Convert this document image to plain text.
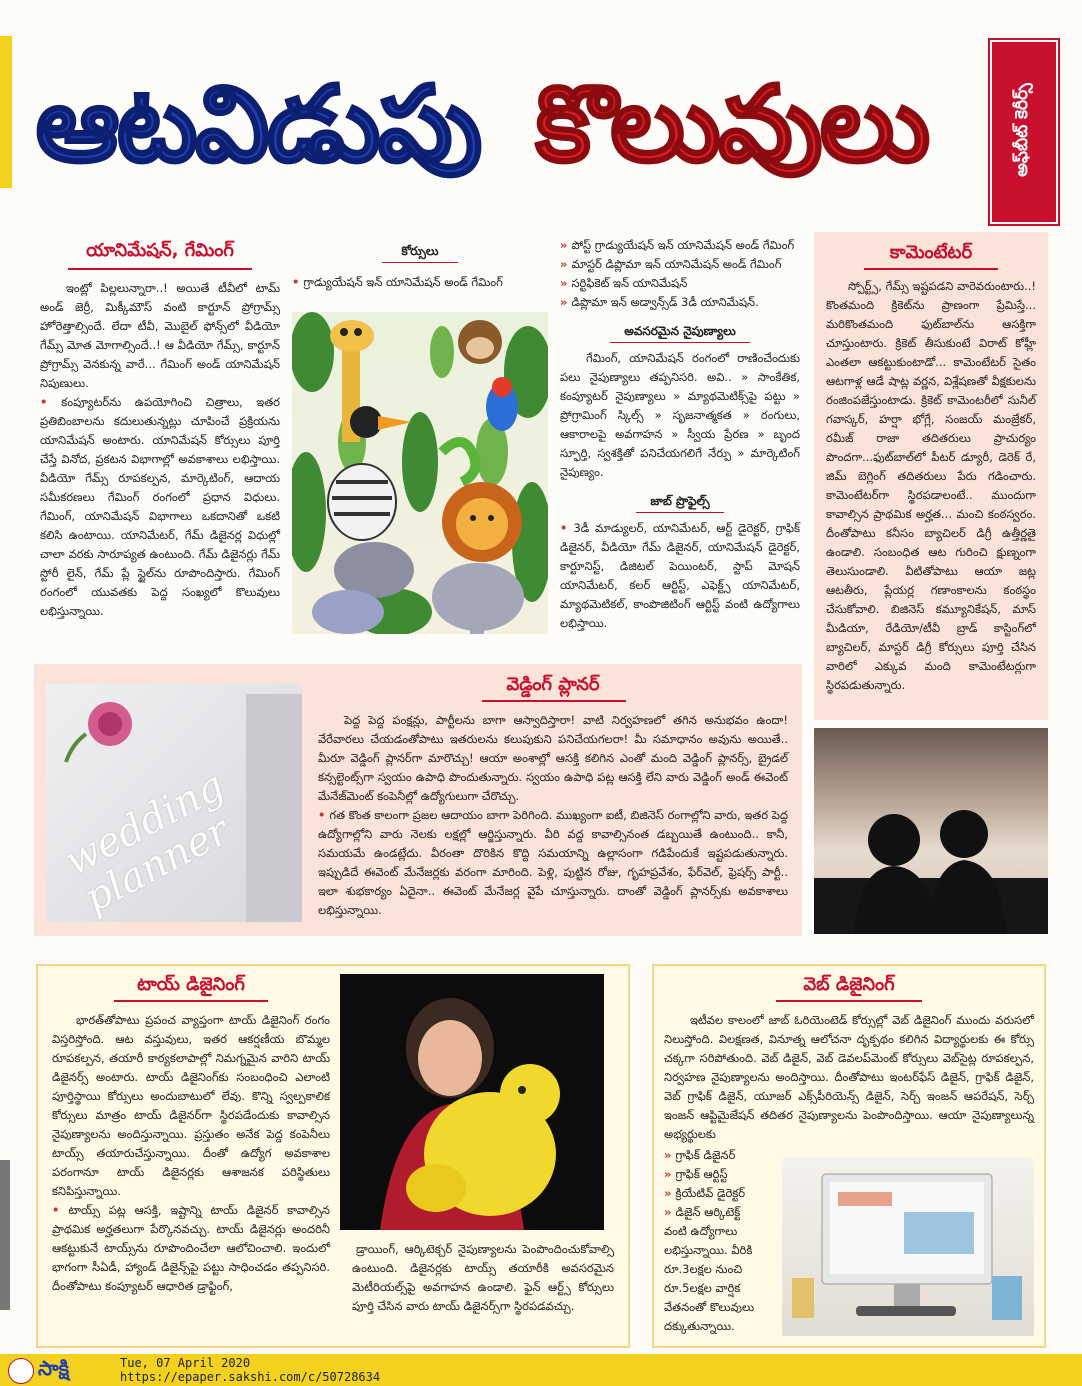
ఆటవిడుపు కొలువులు	అఫ్‌బీట్ కెరీర్స్
యానిమేషన్, గేమింగ్

ఇంట్లో పిల్లలున్నారా..! అయితే టీవీలో టామ్ అండ్ జెర్రీ, మిక్కీమౌస్ వంటి కార్టూన్ ప్రోగ్రామ్స్ హోరెత్తాల్సిందే. లేదా టీవీ, మొబైల్ ఫోన్స్‌లో వీడియో గేమ్స్ మోత మోగాల్సిందే..! ఆ వీడియో గేమ్స్, కార్టూన్ ప్రోగ్రామ్స్ వెనకున్న వారే... గేమింగ్ అండ్ యానిమేషన్ నిపుణులు.

• కంప్యూటర్‌ను ఉపయోగించి చిత్రాలు, ఇతర ప్రతిబింబాలను కదులుతున్నట్లు చూపించే ప్రక్రియను యానిమేషన్ అంటారు. యానిమేషన్ కోర్సులు పూర్తి చేస్తే వినోద, ప్రకటన విభాగాల్లో అవకాశాలు లభిస్తాయి. వీడియో గేమ్స్ రూపకల్పన, మార్కెటింగ్, ఆదాయ సమీకరణలు గేమింగ్ రంగంలో ప్రధాన విధులు. గేమింగ్, యానిమేషన్ విభాగాలు ఒకదానితో ఒకటి కలిసి ఉంటాయి. యానిమేటర్, గేమ్ డిజైనర్ల విధుల్లో చాలా వరకు సారూప్యత ఉంటుంది. గేమ్ డిజైనర్లు గేమ్ స్టోరీ లైన్, గేమ్ ప్లే స్టైల్‌ను రూపొందిస్తారు. గేమింగ్ రంగంలో యువతకు పెద్ద సంఖ్యలో కొలువులు లభిస్తున్నాయి.

కోర్సులు

• గ్రాడ్యుయేషన్ ఇన్ యానిమేషన్ అండ్ గేమింగ్

» పోస్ట్ గ్రాడ్యుయేషన్ ఇన్ యానిమేషన్ అండ్ గేమింగ్
» మాస్టర్ డిప్లొమా ఇన్ యానిమేషన్ అండ్ గేమింగ్
» సర్టిఫికెట్ ఇన్ యానిమేషన్
» డిప్లొమా ఇన్ అడ్వాన్స్‌డ్ 3డీ యానిమేషన్.
అవసరమైన నైపుణ్యాలు

గేమింగ్, యానిమేషన్ రంగంలో రాణించేందుకు పలు నైపుణ్యాలు తప్పనిసరి. అవి.. » సాంకేతిక, కంప్యూటర్ నైపుణ్యాలు » మ్యాథమెటిక్స్‌పై పట్టు » ప్రోగ్రామింగ్ స్కిల్స్ » సృజనాత్మకత » రంగులు, ఆకారాలపై అవగాహన » స్వీయ ప్రేరణ » బృంద స్ఫూర్తి, స్వశక్తితో పనిచేయగలిగే నేర్పు » మార్కెటింగ్ నైపుణ్యం.

జాబ్ ప్రొఫైల్స్

• 3డీ మాడ్యులర్, యానిమేటర్, ఆర్ట్ డైరెక్టర్, గ్రాఫిక్ డిజైనర్, వీడియో గేమ్ డిజైనర్, యానిమేషన్ డైరెక్టర్, కార్టూనిస్ట్, డిజిటల్ పెయింటర్, స్టాప్ మోషన్ యానిమేటర్, కలర్ ఆర్టిస్ట్, ఎఫెక్ట్స్ యానిమేటర్, మ్యాథమెటికల్, కాంపొజిటింగ్ ఆర్టిస్ట్ వంటి ఉద్యోగాలు లభిస్తాయి.

కామెంటేటర్

స్పోర్ట్స్, గేమ్స్ ఇష్టపడని వారెవరుంటారు..! కొంతమంది క్రికెట్‌ను ప్రాణంగా ప్రేమిస్తే... మరికొంతమంది ఫుట్‌బాల్‌ను ఆసక్తిగా చూస్తుంటారు. క్రికెట్ తీసుకుంటే విరాట్ కోహ్లీ ఎంతలా ఆకట్టుకుంటాడో... కామెంటేటర్ సైతం ఆటగాళ్ల ఆడే షాట్ల వర్ణన, విశ్లేషణతో వీక్షకులను రంజింపజేస్తుంటాడు. క్రికెట్ కామెంటరీలో సునీల్ గవాస్కర్, హర్షా భోగ్లే, సంజయ్ మంజ్రేకర్, రమీజ్ రాజా తదితరులు ప్రాచుర్యం పొందగా...ఫుట్‌బాల్‌లో పీటర్ డ్యూరీ, డెరెక్ రే, జిమ్ బెగ్లింగ్ తదితరులు పేరు గడించారు. కామెంటేటర్‌గా స్థిరపడాలంటే.. ముందుగా కావాల్సిన ప్రాథమిక అర్హత... మంచి కంఠస్వరం. దీంతోపాటు కనీసం బ్యాచిలర్ డిగ్రీ ఉత్తీర్ణతై ఉండాలి. సంబంధిత ఆట గురించి క్షుణ్నంగా తెలుసుండాలి. వీటితోపాటు ఆయా జట్ల ఆటతీరు, ప్లేయర్ల గణాంకాలను కంఠస్థం చేసుకోవాలి. బిజినెస్ కమ్యూనికేషన్, మాస్ మీడియా, రేడియో/టీవీ బ్రాడ్ కాస్టింగ్‌లో బ్యాచిలర్, మాస్టర్ డిగ్రీ కోర్సులు పూర్తి చేసిన వారిలో ఎక్కువ మంది కామెంటేటర్లుగా స్థిరపడుతున్నారు.

wedding planner
వెడ్డింగ్ ప్లానర్

పెద్ద పెద్ద పంక్షన్లు, పార్టీలను బాగా ఆస్వాదిస్తారా! వాటి నిర్వహణలో తగిన అనుభవం ఉందా! వేరేవారలు చేయడంతోపాటు ఇతరులను కలుపుకుని పనిచేయగలరా! మీ సమాధానం అవును అయితే.. మీరూ వెడ్డింగ్ ప్లానర్‌గా మారొచ్చు! ఆయా అంశాల్లో ఆసక్తి కలిగిన ఎంతో మంది వెడ్డింగ్ ప్లానర్స్, బ్రైడల్ కన్సల్టెంట్స్‌గా స్వయం ఉపాధి పొందుతున్నారు. స్వయం ఉపాధి పట్ల ఆసక్తి లేని వారు వెడ్డింగ్ అండ్ ఈవెంట్ మేనేజ్‌మెంట్ కంపెనీల్లో ఉద్యోగులుగా చేరొచ్చు.

• గత కొంత కాలంగా ప్రజల ఆదాయం బాగా పెరిగింది. ముఖ్యంగా ఐటీ, బిజినెస్ రంగాల్లోని వారు, ఇతర పెద్ద ఉద్యోగాల్లోని వారు నెలకు లక్షల్లో ఆర్జిస్తున్నారు. వీరి వద్ద కావాల్సినంత డబ్బయితే ఉంటుంది.. కానీ, సమయమే ఉండట్లేదు. వీరంతా దొరికిన కొద్ది సమయాన్ని ఉల్లాసంగా గడిపేందుకే ఇష్టపడుతున్నారు. ఇప్పుడిదే ఈవెంట్ మేనేజర్లకు వరంగా మారింది. పెళ్లి, పుట్టిన రోజు, గృహప్రవేశం, ఫేర్‌వెల్, ఫ్రెషర్స్ పార్టీ.. ఇలా శుభకార్యం ఏదైనా.. ఈవెంట్ మేనేజర్ల వైపే చూస్తున్నారు. దాంతో వెడ్డింగ్ ప్లానర్స్‌కు అవకాశాలు లభిస్తున్నాయి.

టాయ్ డిజైనింగ్

భారత్‌తోపాటు ప్రపంచ వ్యాప్తంగా టాయ్ డిజైనింగ్ రంగం విస్తరిస్తోంది. ఆట వస్తువులు, ఇతర ఆకర్షణీయ బొమ్మల రూపకల్పన, తయారీ కార్యకలాపాల్లో నిమగ్నమైన వారిని టాయ్ డిజైనర్స్ అంటారు. టాయ్ డిజైనింగ్‌కు సంబంధించి ఎలాంటి పూర్తిస్థాయి కోర్సులు అందుబాటులో లేవు. కొన్ని స్వల్పకాలిక కోర్సులు మాత్రం టాయ్ డిజైనర్‌గా స్థిరపడేందుకు కావాల్సిన నైపుణ్యాలను అందిస్తున్నాయి. ప్రస్తుతం అనేక పెద్ద కంపెనీలు టాయ్స్ తయారుచేస్తున్నాయి. దీంతో ఉద్యోగ అవకాశాల పరంగానూ టాయ్ డిజైనర్లకు ఆశాజనక పరిస్థితులు కనిపిస్తున్నాయి.

• టాయ్స్ పట్ల ఆసక్తి, ఇష్టాన్ని టాయ్ డిజైనర్ కావాల్సిన ప్రాథమిక అర్హతలుగా పేర్కొనవచ్చు. టాయ్ డిజైనర్లు అందరినీ ఆకట్టుకునే టాయ్స్‌ను రూపొందించేలా ఆలోచించాలి. ఇందులో భాగంగా సీఏడీ, హ్యాండ్ డిజైన్స్‌పై పట్టు సాధించడం తప్పనిసరి. దీంతోపాటు కంప్యూటర్ ఆధారిత డ్రాఫ్టింగ్,

డ్రాయింగ్, ఆర్కిటెక్చర్ నైపుణ్యాలను పెంపొందించుకోవాల్సి ఉంటుంది. డిజైనర్లకు టాయ్స్ తయారీకి అవసరమైన మెటీరియల్స్‌పై అవగాహన ఉండాలి. ఫైన్ ఆర్ట్స్ కోర్సులు పూర్తి చేసిన వారు టాయ్ డిజైనర్స్‌గా స్థిరపడవచ్చు.

వెబ్ డిజైనింగ్

ఇటీవల కాలంలో జాబ్ ఓరియెంటెడ్ కోర్సుల్లో వెబ్ డిజైనింగ్ ముందు వరుసలో నిలుస్తోంది. విలక్షణత, వినూత్న ఆలోచనా దృక్పథం కలిగిన విద్యార్థులకు ఈ కోర్సు చక్కగా సరిపోతుంది. వెబ్ డిజైన్, వెబ్ డెవలప్‌మెంట్ కోర్సులు వెబ్‌సైట్ల రూపకల్పన, నిర్వహణ నైపుణ్యాలను అందిస్తాయి. దీంతోపాటు ఇంటర్‌ఫేస్ డిజైన్, గ్రాఫిక్ డిజైన్, వెబ్ గ్రాఫిక్ డిజైన్, యూజర్ ఎక్స్‌పీరియెన్స్ డిజైన్, సెర్చ్ ఇంజన్ ఆపరేషన్, సెర్చ్ ఇంజన్ ఆప్టిమైజేషన్ తదితర నైపుణ్యాలను పెంపొందిస్తాయి. ఆయా నైపుణ్యాలున్న అభ్యర్థులకు

» గ్రాఫిక్ డిజైనర్
» గ్రాఫిక్ ఆర్టిస్ట్
» క్రియేటివ్ డైరెక్టర్
» డిజైన్ ఆర్కిటెక్ట్

వంటి ఉద్యోగాలు లభిస్తున్నాయి. వీరికి రూ.3లక్షల నుంచి రూ.5లక్షల వార్షిక వేతనంతో కొలువులు దక్కుతున్నాయి.

సాక్షి	Tue, 07 April 2020
https://epaper.sakshi.com/c/50728634
